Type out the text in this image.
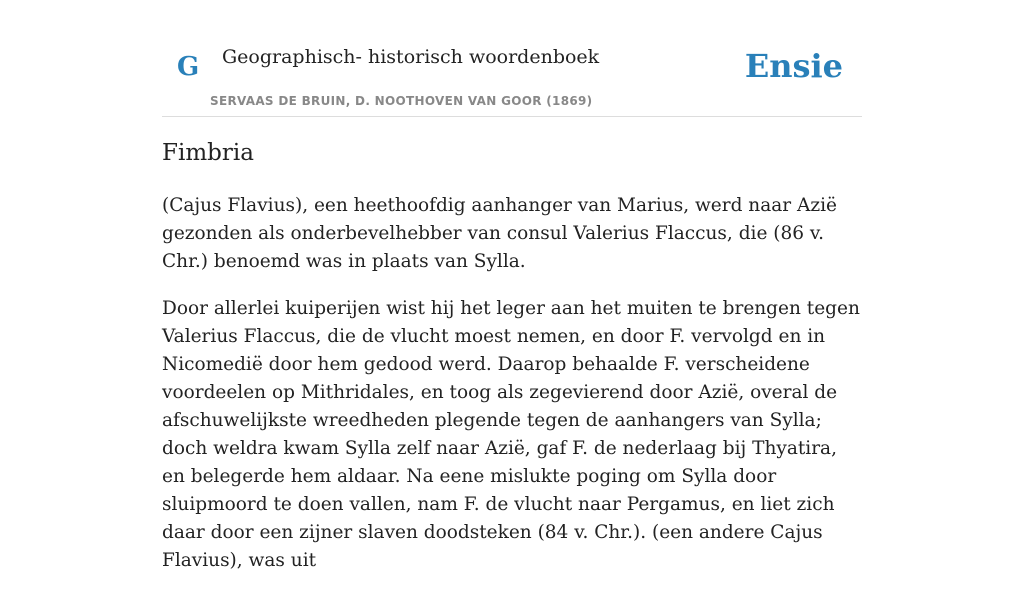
G Geographisch- historisch woordenboek
SERVAAS DE BRUIN, D. NOOTHOVEN VAN GOOR (1869)
Ensie
Fimbria

(Cajus Flavius), een heethoofdig aanhanger van Marius, werd naar Azië gezonden als onderbevelhebber van consul Valerius Flaccus, die (86 v. Chr.) benoemd was in plaats van Sylla.

Door allerlei kuiperijen wist hij het leger aan het muiten te brengen tegen Valerius Flaccus, die de vlucht moest nemen, en door F. vervolgd en in Nicomedië door hem gedood werd. Daarop behaalde F. verscheidene voordeelen op Mithridales, en toog als zegevierend door Azië, overal de afschuwelijkste wreedheden plegende tegen de aanhangers van Sylla; doch weldra kwam Sylla zelf naar Azië, gaf F. de nederlaag bij Thyatira, en belegerde hem aldaar. Na eene mislukte poging om Sylla door sluipmoord te doen vallen, nam F. de vlucht naar Pergamus, en liet zich daar door een zijner slaven doodsteken (84 v. Chr.). (een andere Cajus Flavius), was uit
